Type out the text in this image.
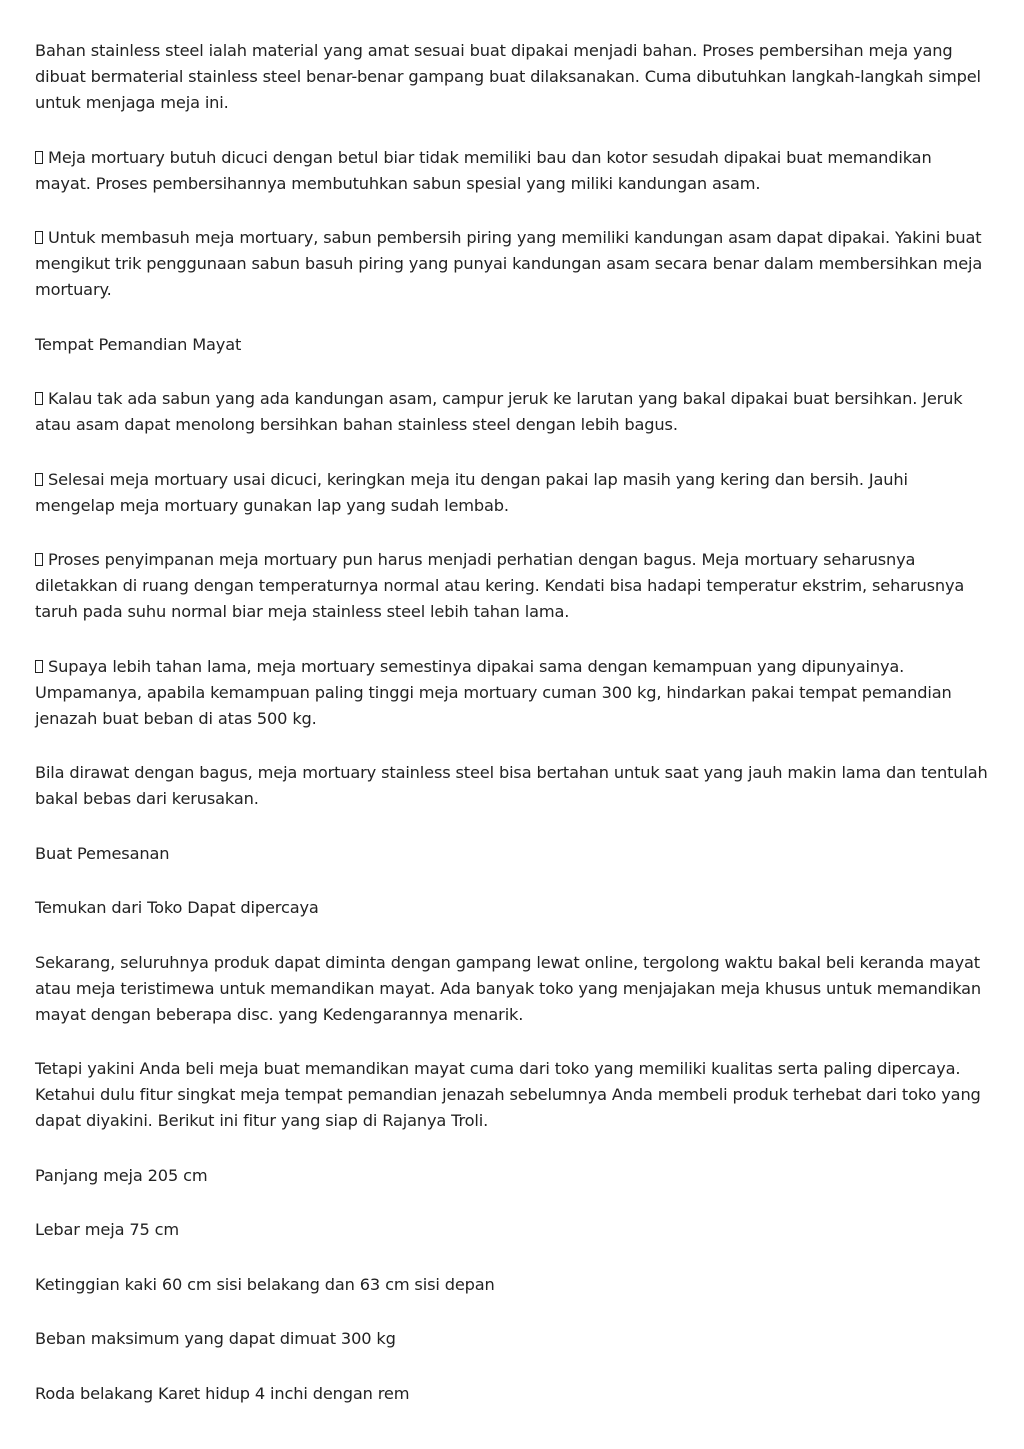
Bahan stainless steel ialah material yang amat sesuai buat dipakai menjadi bahan. Proses pembersihan meja yang dibuat bermaterial stainless steel benar-benar gampang buat dilaksanakan. Cuma dibutuhkan langkah-langkah simpel untuk menjaga meja ini.

Meja mortuary butuh dicuci dengan betul biar tidak memiliki bau dan kotor sesudah dipakai buat memandikan mayat. Proses pembersihannya membutuhkan sabun spesial yang miliki kandungan asam.

Untuk membasuh meja mortuary, sabun pembersih piring yang memiliki kandungan asam dapat dipakai. Yakini buat mengikut trik penggunaan sabun basuh piring yang punyai kandungan asam secara benar dalam membersihkan meja mortuary.

Tempat Pemandian Mayat

Kalau tak ada sabun yang ada kandungan asam, campur jeruk ke larutan yang bakal dipakai buat bersihkan. Jeruk atau asam dapat menolong bersihkan bahan stainless steel dengan lebih bagus.

Selesai meja mortuary usai dicuci, keringkan meja itu dengan pakai lap masih yang kering dan bersih. Jauhi mengelap meja mortuary gunakan lap yang sudah lembab.

Proses penyimpanan meja mortuary pun harus menjadi perhatian dengan bagus. Meja mortuary seharusnya diletakkan di ruang dengan temperaturnya normal atau kering. Kendati bisa hadapi temperatur ekstrim, seharusnya taruh pada suhu normal biar meja stainless steel lebih tahan lama.

Supaya lebih tahan lama, meja mortuary semestinya dipakai sama dengan kemampuan yang dipunyainya. Umpamanya, apabila kemampuan paling tinggi meja mortuary cuman 300 kg, hindarkan pakai tempat pemandian jenazah buat beban di atas 500 kg.

Bila dirawat dengan bagus, meja mortuary stainless steel bisa bertahan untuk saat yang jauh makin lama dan tentulah bakal bebas dari kerusakan.

Buat Pemesanan

Temukan dari Toko Dapat dipercaya

Sekarang, seluruhnya produk dapat diminta dengan gampang lewat online, tergolong waktu bakal beli keranda mayat atau meja teristimewa untuk memandikan mayat. Ada banyak toko yang menjajakan meja khusus untuk memandikan mayat dengan beberapa disc. yang Kedengarannya menarik.

Tetapi yakini Anda beli meja buat memandikan mayat cuma dari toko yang memiliki kualitas serta paling dipercaya. Ketahui dulu fitur singkat meja tempat pemandian jenazah sebelumnya Anda membeli produk terhebat dari toko yang dapat diyakini. Berikut ini fitur yang siap di Rajanya Troli.

Panjang meja 205 cm

Lebar meja 75 cm

Ketinggian kaki 60 cm sisi belakang dan 63 cm sisi depan

Beban maksimum yang dapat dimuat 300 kg

Roda belakang Karet hidup 4 inchi dengan rem
